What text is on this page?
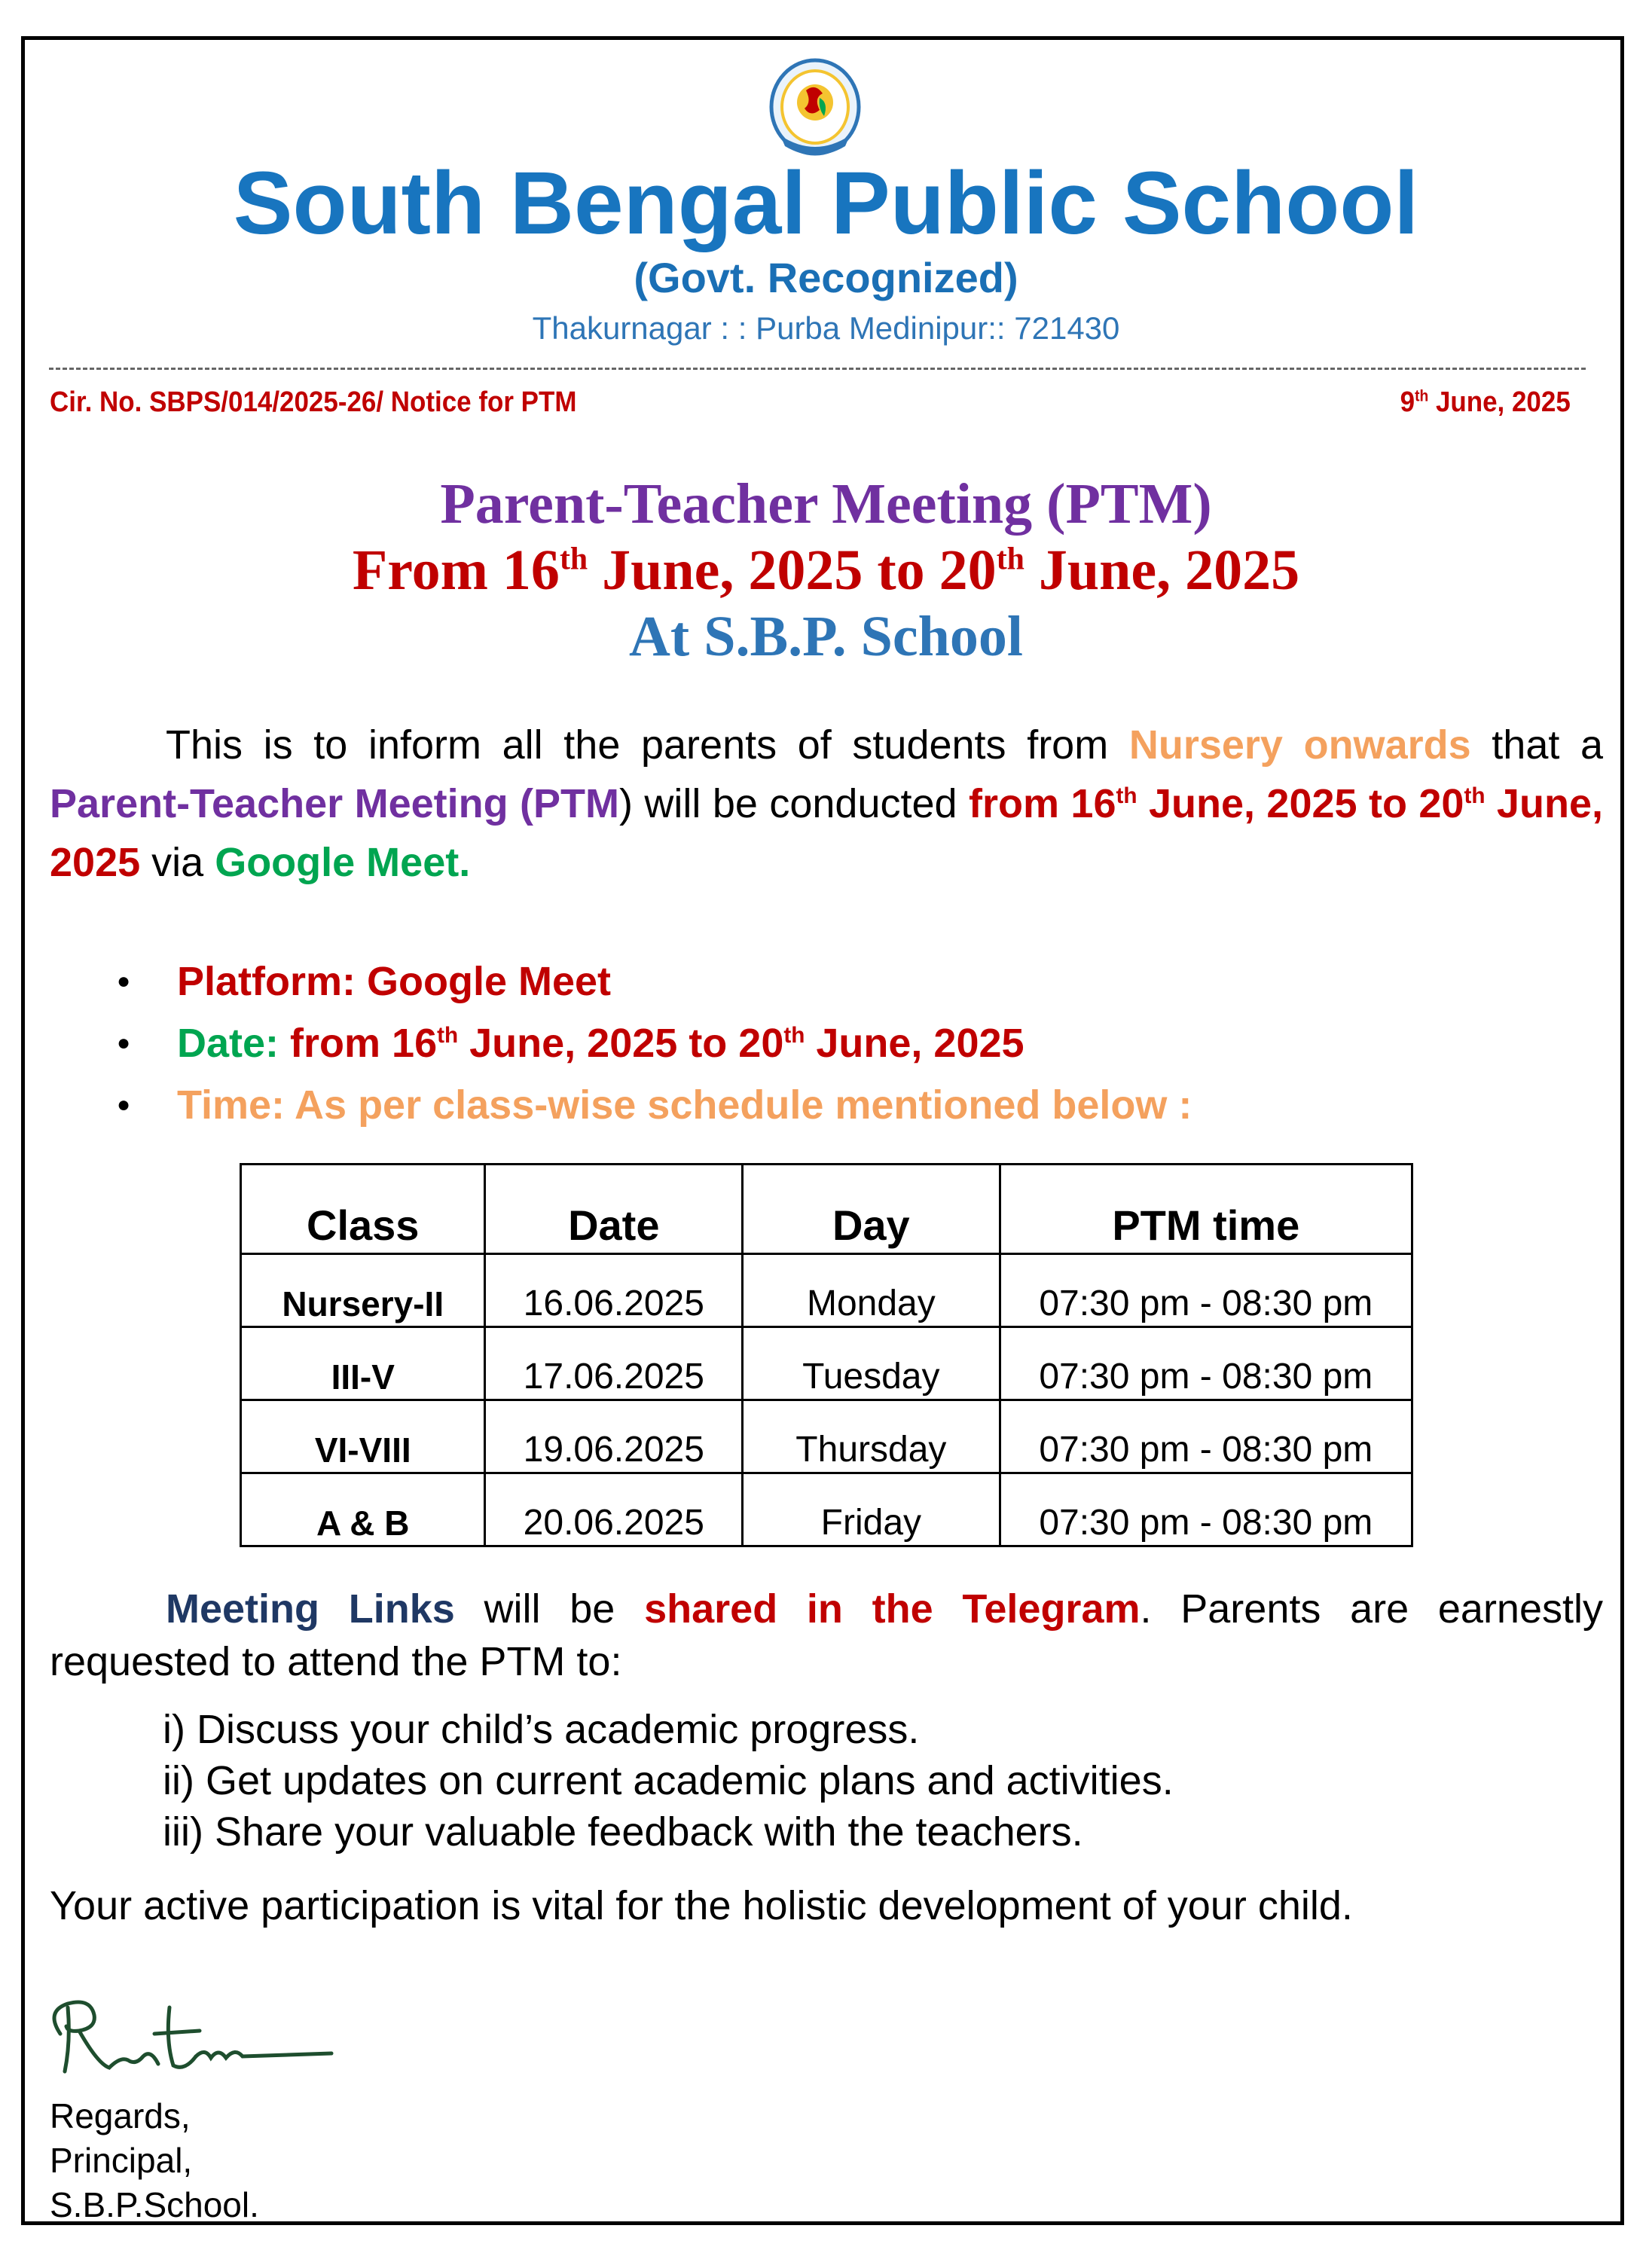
South Bengal Public School
(Govt. Recognized)
Thakurnagar : : Purba Medinipur:: 721430
Cir. No. SBPS/014/2025-26/ Notice for PTM	9th June, 2025
Parent-Teacher Meeting (PTM)
From 16th June, 2025 to 20th June, 2025
At S.B.P. School
This is to inform all the parents of students from Nursery onwards that a Parent-Teacher Meeting (PTM) will be conducted from 16th June, 2025 to 20th June, 2025 via Google Meet.
● Platform: Google Meet
● Date: from 16th June, 2025 to 20th June, 2025
● Time: As per class-wise schedule mentioned below :
Class	Date	Day	PTM time
Nursery-II	16.06.2025	Monday	07:30 pm - 08:30 pm
III-V	17.06.2025	Tuesday	07:30 pm - 08:30 pm
VI-VIII	19.06.2025	Thursday	07:30 pm - 08:30 pm
A & B	20.06.2025	Friday	07:30 pm - 08:30 pm
Meeting Links will be shared in the Telegram. Parents are earnestly requested to attend the PTM to:
i) Discuss your child’s academic progress.
ii) Get updates on current academic plans and activities.
iii) Share your valuable feedback with the teachers.
Your active participation is vital for the holistic development of your child.
Regards,
Principal,
S.B.P.School.
